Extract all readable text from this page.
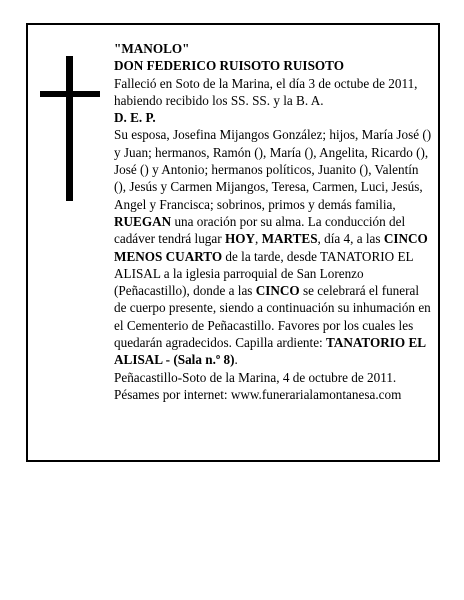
"MANOLO"

DON FEDERICO RUISOTO RUISOTO

Falleció en Soto de la Marina, el día 3 de octube de 2011,

habiendo recibido los SS. SS. y la B. A.

D. E. P.

Su esposa, Josefina Mijangos González; hijos, María José () y Juan; hermanos, Ramón (), María (), Angelita, Ricardo (), José () y Antonio; hermanos políticos, Juanito (), Valentín (), Jesús y Carmen Mijangos, Teresa, Carmen, Luci, Jesús, Angel y Francisca; sobrinos, primos y demás familia,

RUEGAN una oración por su alma. La conducción del cadáver tendrá lugar HOY, MARTES, día 4, a las CINCO MENOS CUARTO de la tarde, desde TANATORIO EL ALISAL a la iglesia parroquial de San Lorenzo (Peñacastillo), donde a las CINCO se celebrará el funeral de cuerpo presente, siendo a continuación su inhumación en el Cementerio de Peñacastillo. Favores por los cuales les quedarán agradecidos. Capilla ardiente: TANATORIO EL ALISAL - (Sala n.º 8).

Peñacastillo-Soto de la Marina, 4 de octubre de 2011.

Pésames por internet: www.funerarialamontanesa.com
